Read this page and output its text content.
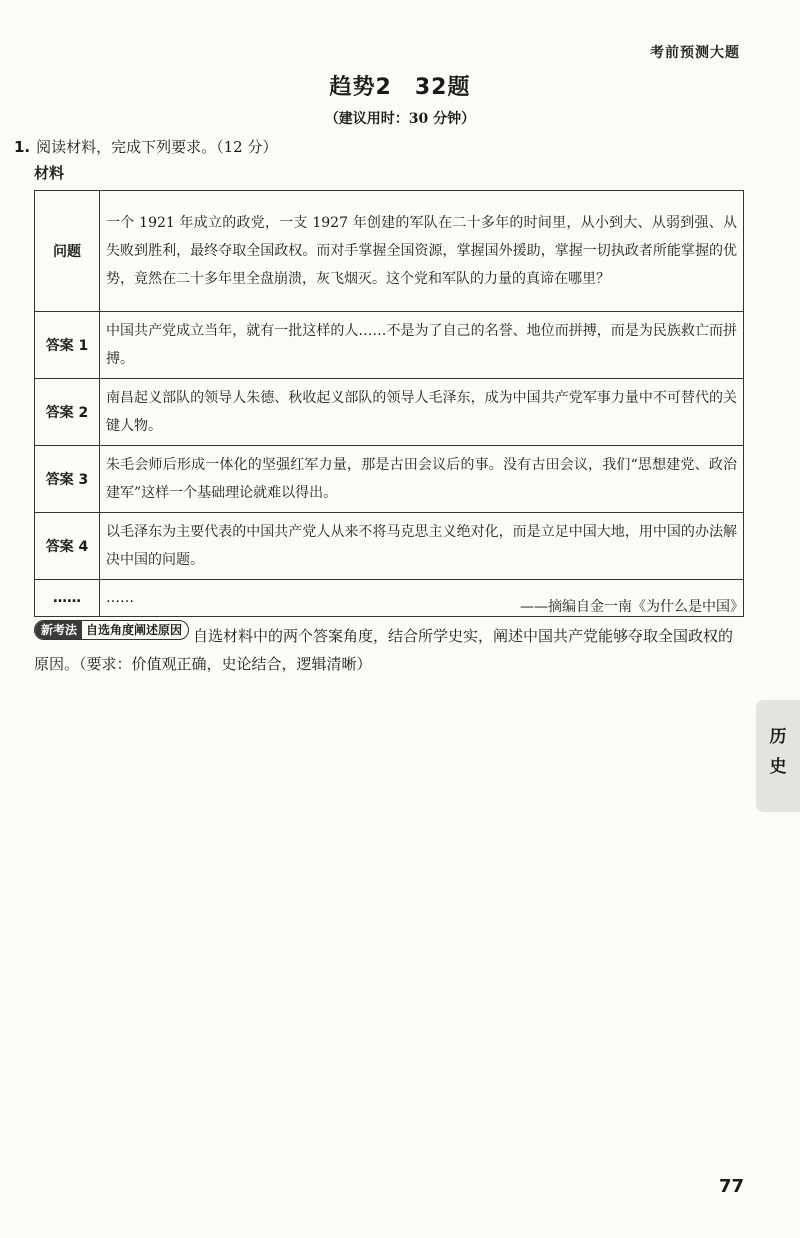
考前预测大题
趋势2　32题
（建议用时：30 分钟）
1. 阅读材料，完成下列要求。（12 分）
材料
问题	一个 1921 年成立的政党，一支 1927 年创建的军队在二十多年的时间里，从小到大、从弱到强、从失败到胜利，最终夺取全国政权。而对手掌握全国资源，掌握国外援助，掌握一切执政者所能掌握的优势，竟然在二十多年里全盘崩溃，灰飞烟灭。这个党和军队的力量的真谛在哪里？
答案 1	中国共产党成立当年，就有一批这样的人……不是为了自己的名誉、地位而拼搏，而是为民族救亡而拼搏。
答案 2	南昌起义部队的领导人朱德、秋收起义部队的领导人毛泽东，成为中国共产党军事力量中不可替代的关键人物。
答案 3	朱毛会师后形成一体化的坚强红军力量，那是古田会议后的事。没有古田会议，我们“思想建党、政治建军”这样一个基础理论就难以得出。
答案 4	以毛泽东为主要代表的中国共产党人从来不将马克思主义绝对化，而是立足中国大地，用中国的办法解决中国的问题。
……	……
——摘编自金一南《为什么是中国》
新考法 自选角度阐述原因 自选材料中的两个答案角度，结合所学史实，阐述中国共产党能够夺取全国政权的原因。（要求：价值观正确，史论结合，逻辑清晰）
历
史
77
